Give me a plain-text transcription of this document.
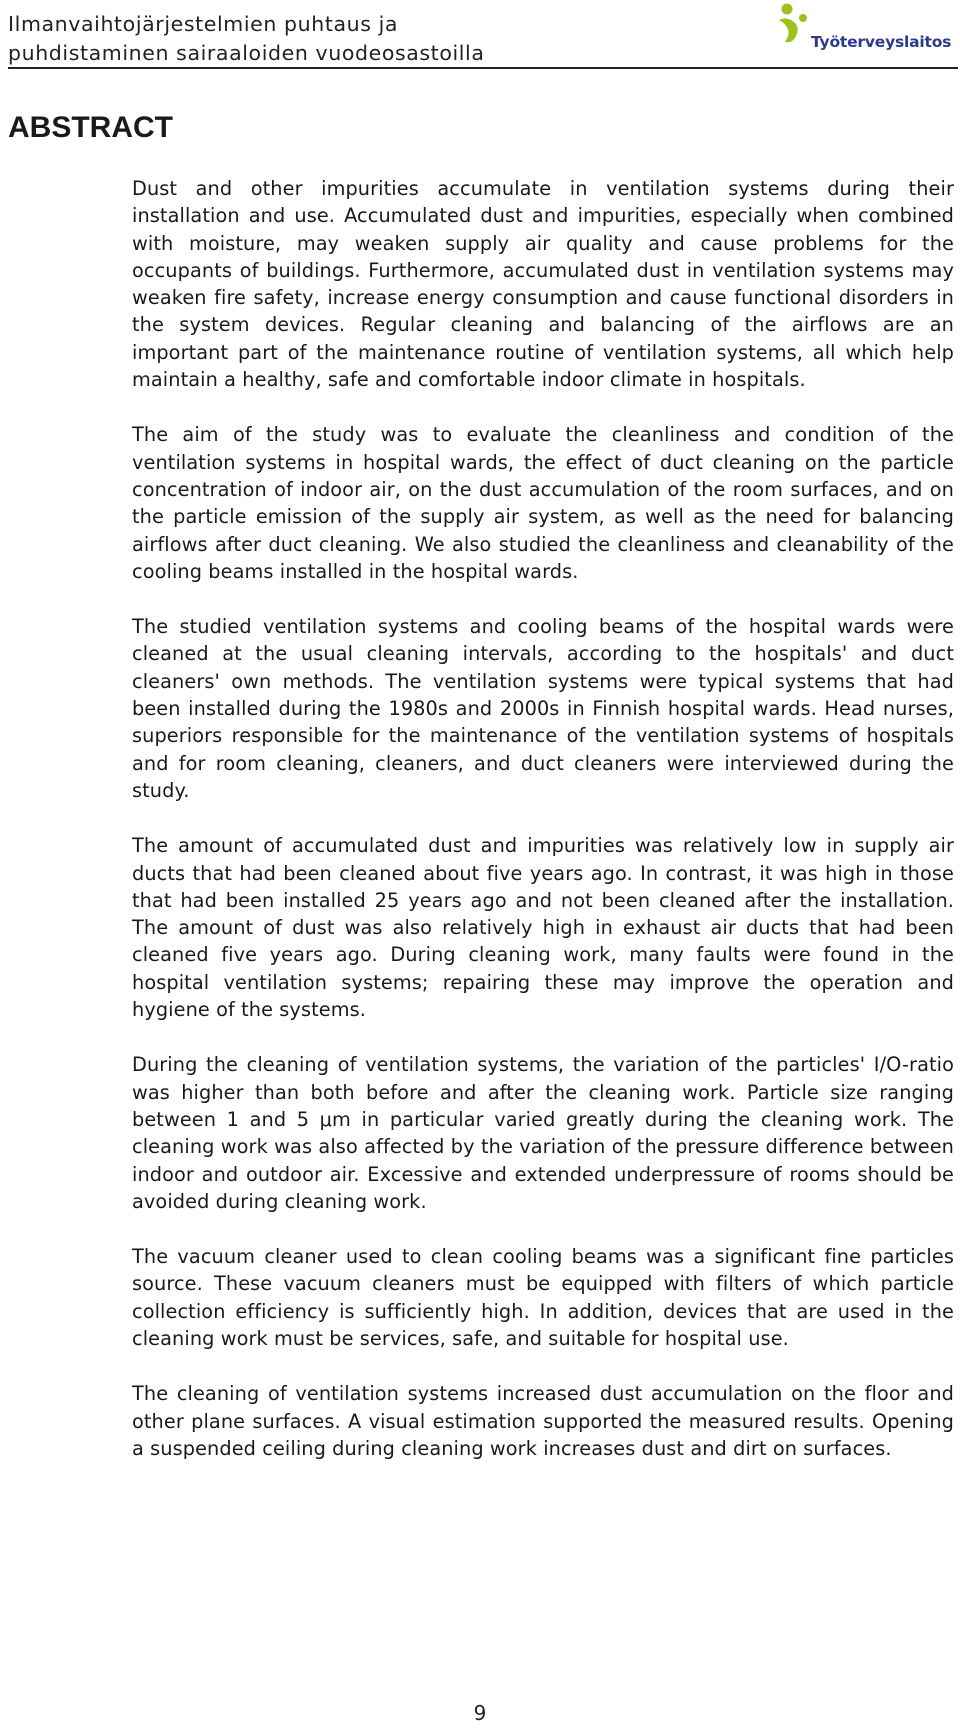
Ilmanvaihtojärjestelmien puhtaus ja
puhdistaminen sairaaloiden vuodeosastoilla	Työterveyslaitos
ABSTRACT

Dust and other impurities accumulate in ventilation systems during their installation and use. Accumulated dust and impurities, especially when combined with moisture, may weaken supply air quality and cause problems for the occupants of buildings. Furthermore, accumulated dust in ventilation systems may weaken fire safety, increase energy consumption and cause functional disorders in the system devices. Regular cleaning and balancing of the airflows are an important part of the maintenance routine of ventilation systems, all which help maintain a healthy, safe and comfortable indoor climate in hospitals.

The aim of the study was to evaluate the cleanliness and condition of the ventilation systems in hospital wards, the effect of duct cleaning on the particle concentration of indoor air, on the dust accumulation of the room surfaces, and on the particle emission of the supply air system, as well as the need for balancing airflows after duct cleaning. We also studied the cleanliness and cleanability of the cooling beams installed in the hospital wards.

The studied ventilation systems and cooling beams of the hospital wards were cleaned at the usual cleaning intervals, according to the hospitals' and duct cleaners' own methods. The ventilation systems were typical systems that had been installed during the 1980s and 2000s in Finnish hospital wards. Head nurses, superiors responsible for the maintenance of the ventilation systems of hospitals and for room cleaning, cleaners, and duct cleaners were interviewed during the study.

The amount of accumulated dust and impurities was relatively low in supply air ducts that had been cleaned about five years ago. In contrast, it was high in those that had been installed 25 years ago and not been cleaned after the installation. The amount of dust was also relatively high in exhaust air ducts that had been cleaned five years ago. During cleaning work, many faults were found in the hospital ventilation systems; repairing these may improve the operation and hygiene of the systems.

During the cleaning of ventilation systems, the variation of the particles' I/O-ratio was higher than both before and after the cleaning work. Particle size ranging between 1 and 5 μm in particular varied greatly during the cleaning work. The cleaning work was also affected by the variation of the pressure difference between indoor and outdoor air. Excessive and extended underpressure of rooms should be avoided during cleaning work.

The vacuum cleaner used to clean cooling beams was a significant fine particles source. These vacuum cleaners must be equipped with filters of which particle collection efficiency is sufficiently high. In addition, devices that are used in the cleaning work must be services, safe, and suitable for hospital use.

The cleaning of ventilation systems increased dust accumulation on the floor and other plane surfaces. A visual estimation supported the measured results. Opening a suspended ceiling during cleaning work increases dust and dirt on surfaces.

9
